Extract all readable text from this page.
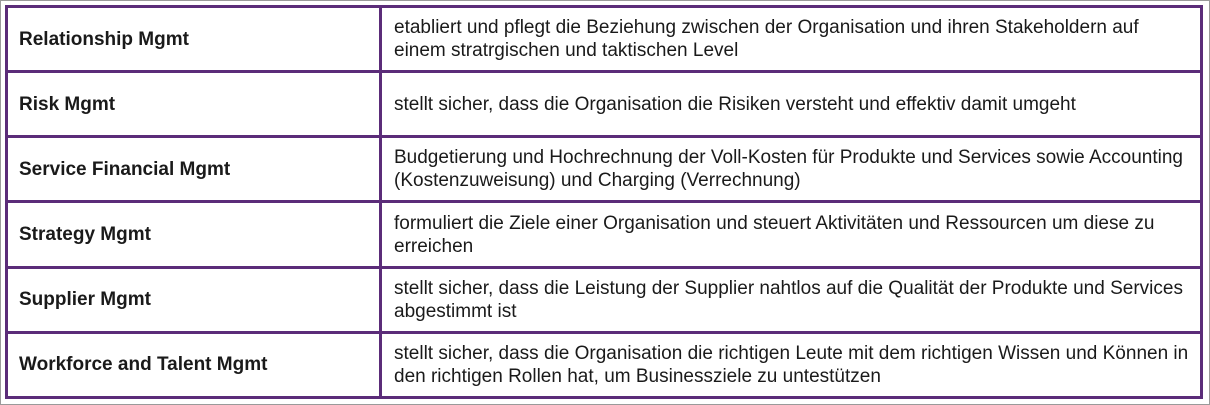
Relationship Mgmt	etabliert und pflegt die Beziehung zwischen der Organisation und ihren Stakeholdern auf einem stratrgischen und taktischen Level
Risk Mgmt	stellt sicher, dass die Organisation die Risiken versteht und effektiv damit umgeht
Service Financial Mgmt	Budgetierung und Hochrechnung der Voll-Kosten für Produkte und Services sowie Accounting (Kostenzuweisung) und Charging (Verrechnung)
Strategy Mgmt	formuliert die Ziele einer Organisation und steuert Aktivitäten und Ressourcen um diese zu erreichen
Supplier Mgmt	stellt sicher, dass die Leistung der Supplier nahtlos auf die Qualität der Produkte und Services abgestimmt ist
Workforce and Talent Mgmt	stellt sicher, dass die Organisation die richtigen Leute mit dem richtigen Wissen und Können in den richtigen Rollen hat, um Businessziele zu untestützen
